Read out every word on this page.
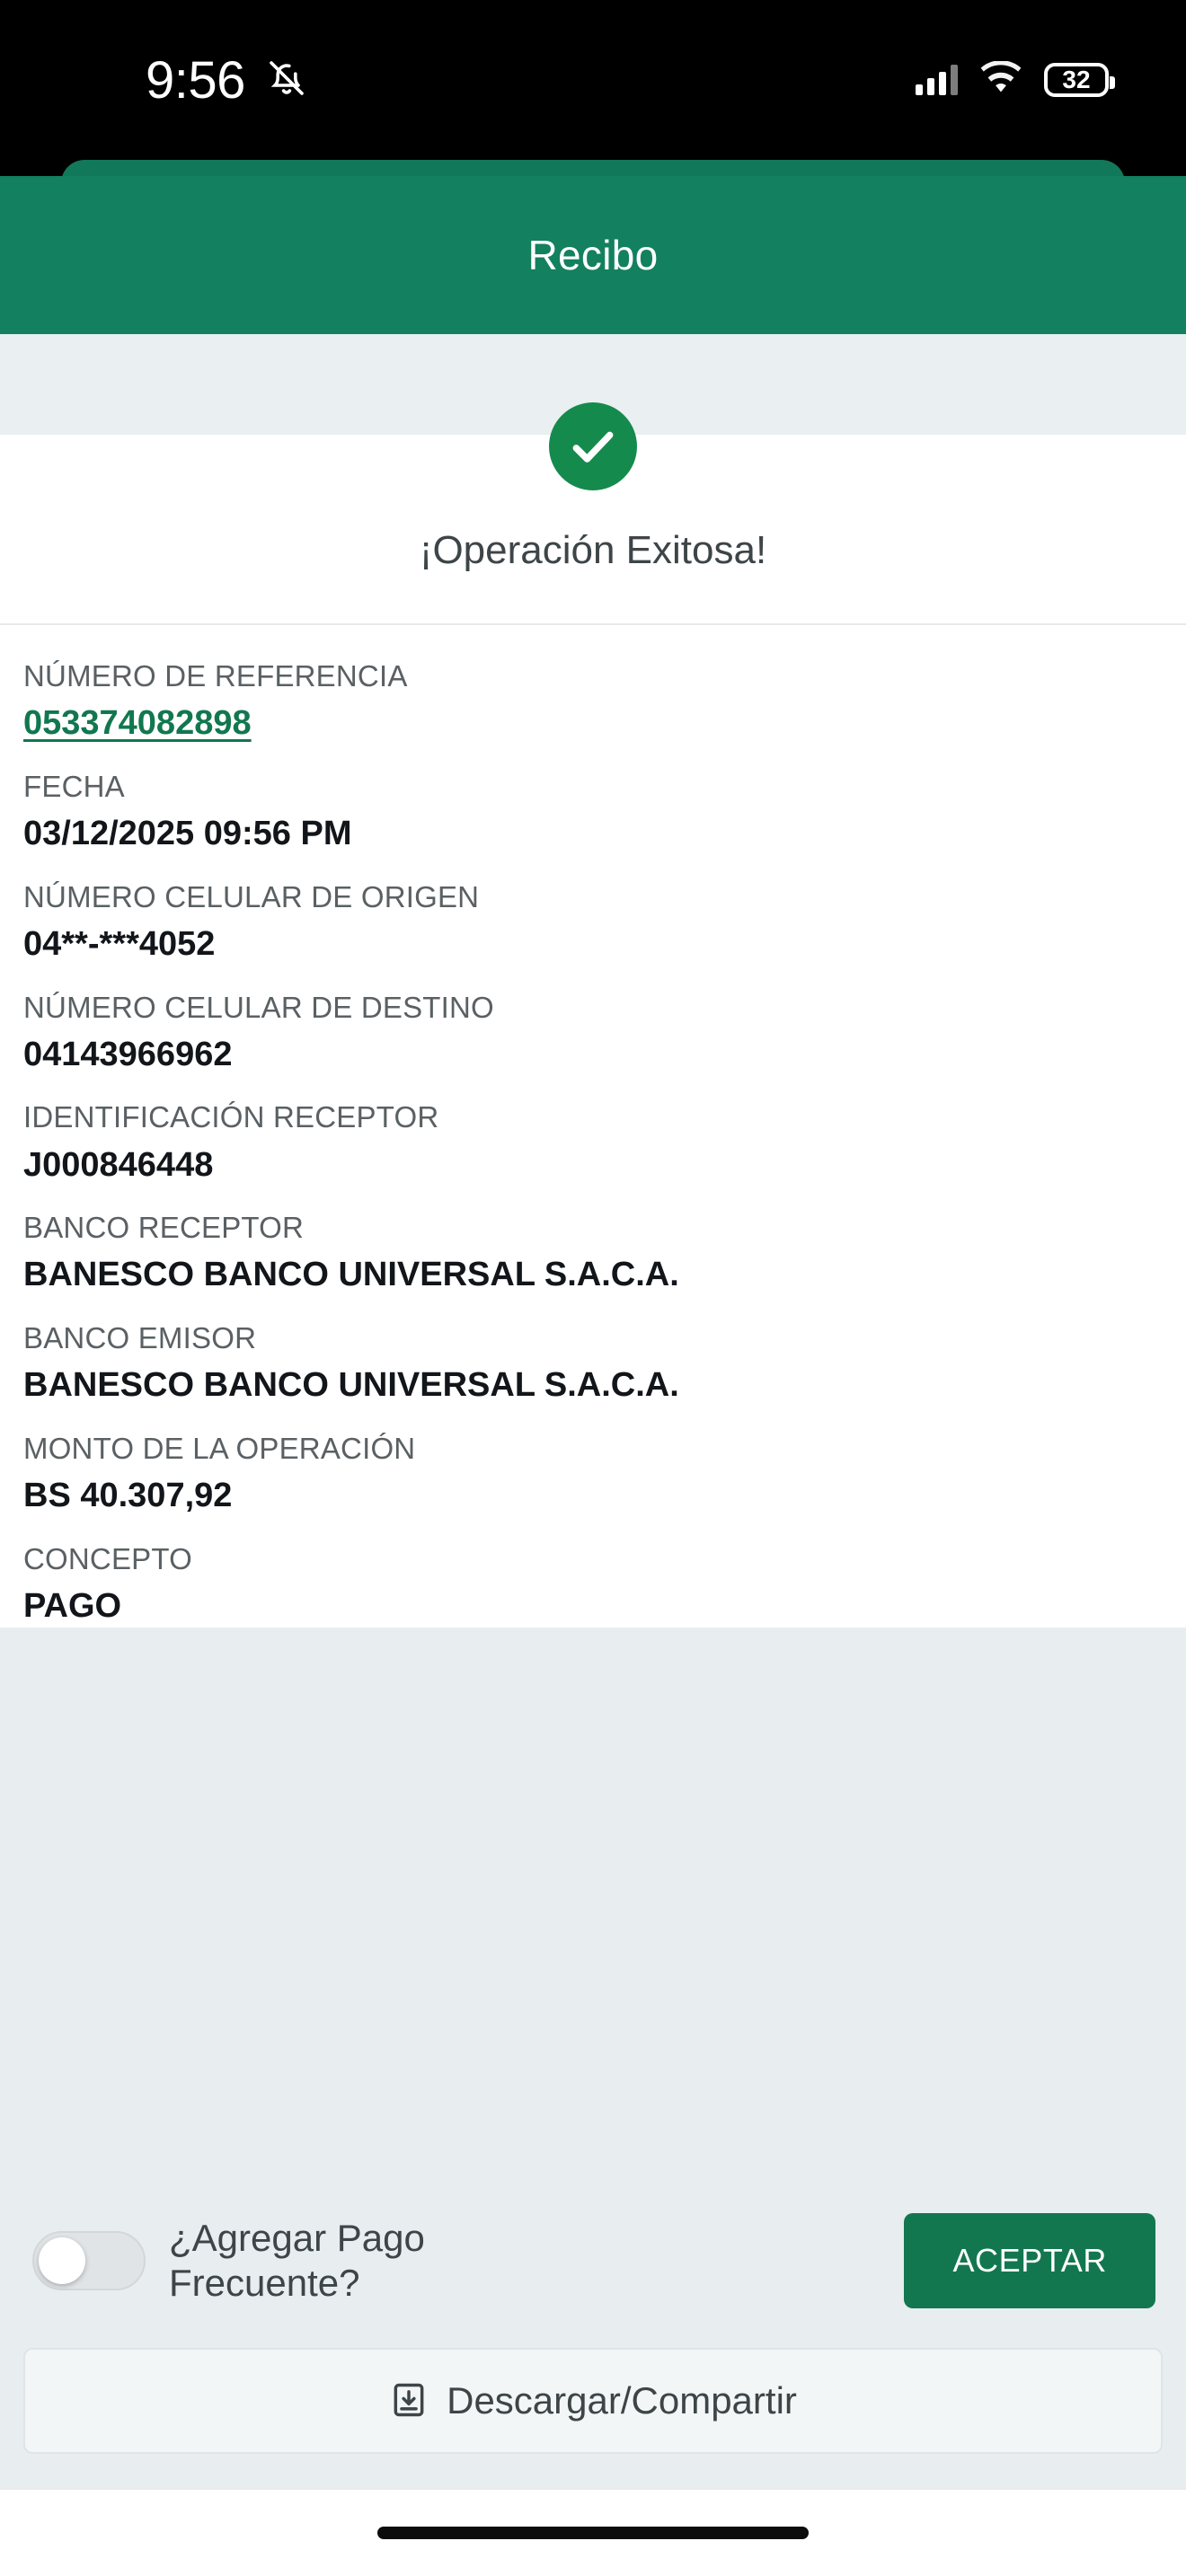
9:56	32
Recibo
¡Operación Exitosa!
NÚMERO DE REFERENCIA
053374082898
FECHA
03/12/2025 09:56 PM
NÚMERO CELULAR DE ORIGEN
04**-***4052
NÚMERO CELULAR DE DESTINO
04143966962
IDENTIFICACIÓN RECEPTOR
J000846448
BANCO RECEPTOR
BANESCO BANCO UNIVERSAL S.A.C.A.
BANCO EMISOR
BANESCO BANCO UNIVERSAL S.A.C.A.
MONTO DE LA OPERACIÓN
BS 40.307,92
CONCEPTO
PAGO
¿Agregar Pago Frecuente?
ACEPTAR
Descargar/Compartir
